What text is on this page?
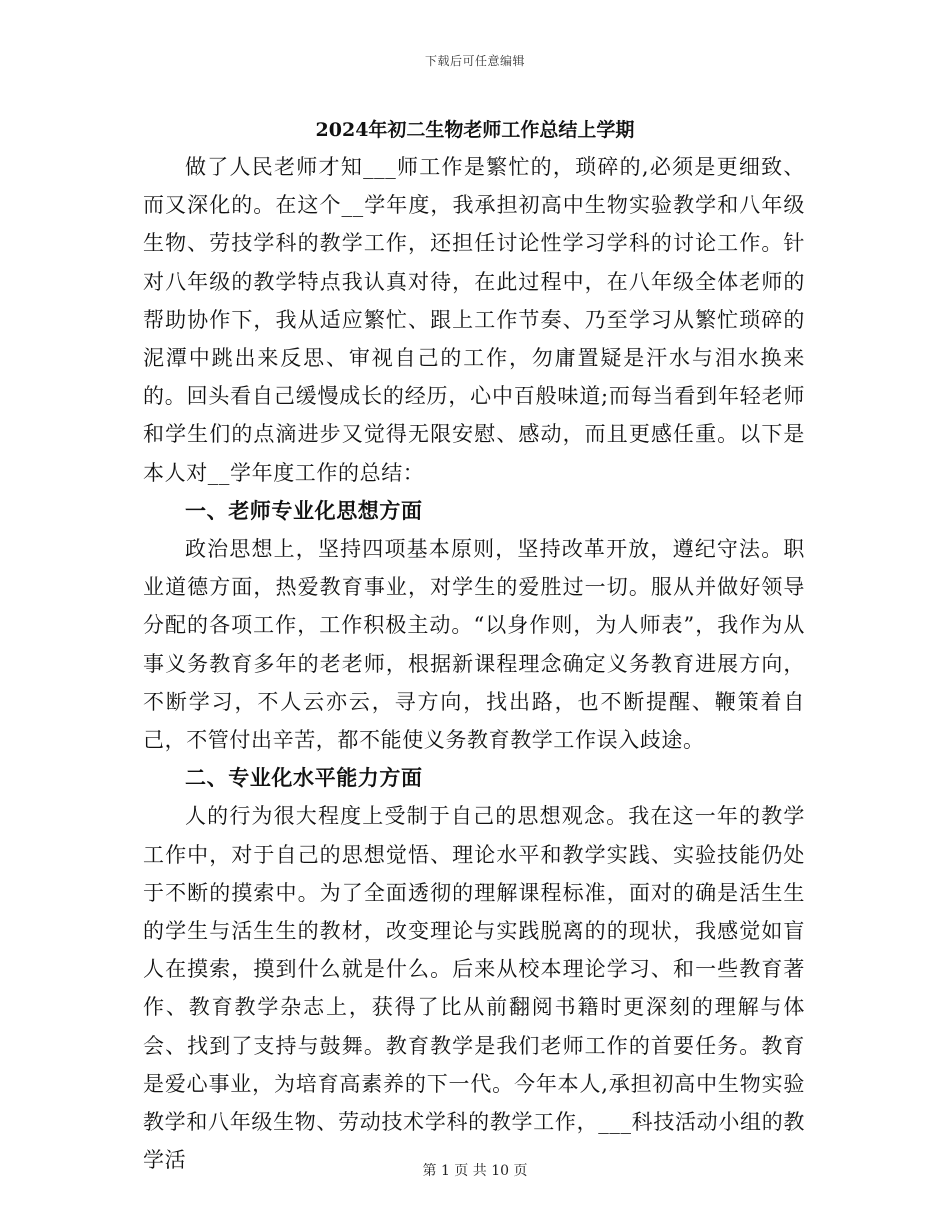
下载后可任意编辑
2024年初二生物老师工作总结上学期

做了人民老师才知___师工作是繁忙的，琐碎的,必须是更细致、而又深化的。在这个__学年度，我承担初高中生物实验教学和八年级生物、劳技学科的教学工作，还担任讨论性学习学科的讨论工作。针对八年级的教学特点我认真对待，在此过程中，在八年级全体老师的帮助协作下，我从适应繁忙、跟上工作节奏、乃至学习从繁忙琐碎的泥潭中跳出来反思、审视自己的工作，勿庸置疑是汗水与泪水换来的。回头看自己缓慢成长的经历，心中百般味道;而每当看到年轻老师和学生们的点滴进步又觉得无限安慰、感动，而且更感任重。以下是本人对__学年度工作的总结：

一、老师专业化思想方面

政治思想上，坚持四项基本原则，坚持改革开放，遵纪守法。职业道德方面，热爱教育事业，对学生的爱胜过一切。服从并做好领导分配的各项工作，工作积极主动。“以身作则，为人师表”，我作为从事义务教育多年的老老师，根据新课程理念确定义务教育进展方向，不断学习，不人云亦云，寻方向，找出路，也不断提醒、鞭策着自己，不管付出辛苦，都不能使义务教育教学工作误入歧途。

二、专业化水平能力方面

人的行为很大程度上受制于自己的思想观念。我在这一年的教学工作中，对于自己的思想觉悟、理论水平和教学实践、实验技能仍处于不断的摸索中。为了全面透彻的理解课程标准，面对的确是活生生的学生与活生生的教材，改变理论与实践脱离的的现状，我感觉如盲人在摸索，摸到什么就是什么。后来从校本理论学习、和一些教育著作、教育教学杂志上，获得了比从前翻阅书籍时更深刻的理解与体会、找到了支持与鼓舞。教育教学是我们老师工作的首要任务。教育是爱心事业，为培育高素养的下一代。今年本人,承担初高中生物实验教学和八年级生物、劳动技术学科的教学工作，___科技活动小组的教学活	第 1 页 共 10 页
